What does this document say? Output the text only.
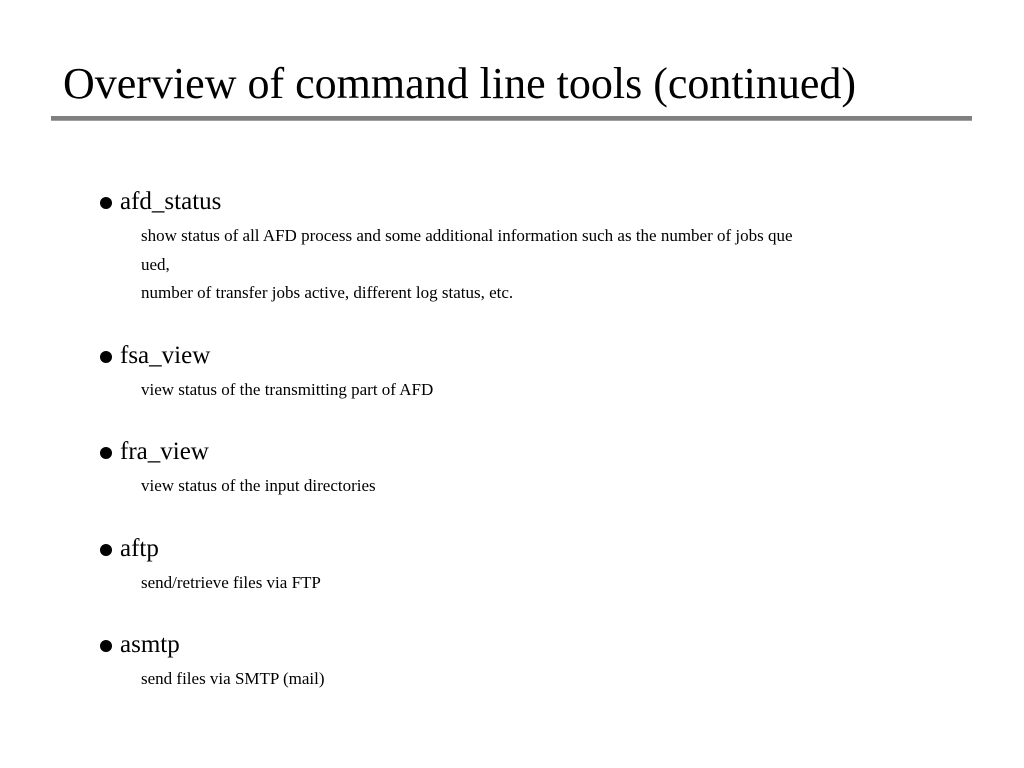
Overview of command line tools (continued)
afd_status
show status of all AFD process and some additional information such as the number of jobs que
ued,
number of transfer jobs active, different log status, etc.
fsa_view
view status of the transmitting part of AFD
fra_view
view status of the input directories
aftp
send/retrieve files via FTP
asmtp
send files via SMTP (mail)
